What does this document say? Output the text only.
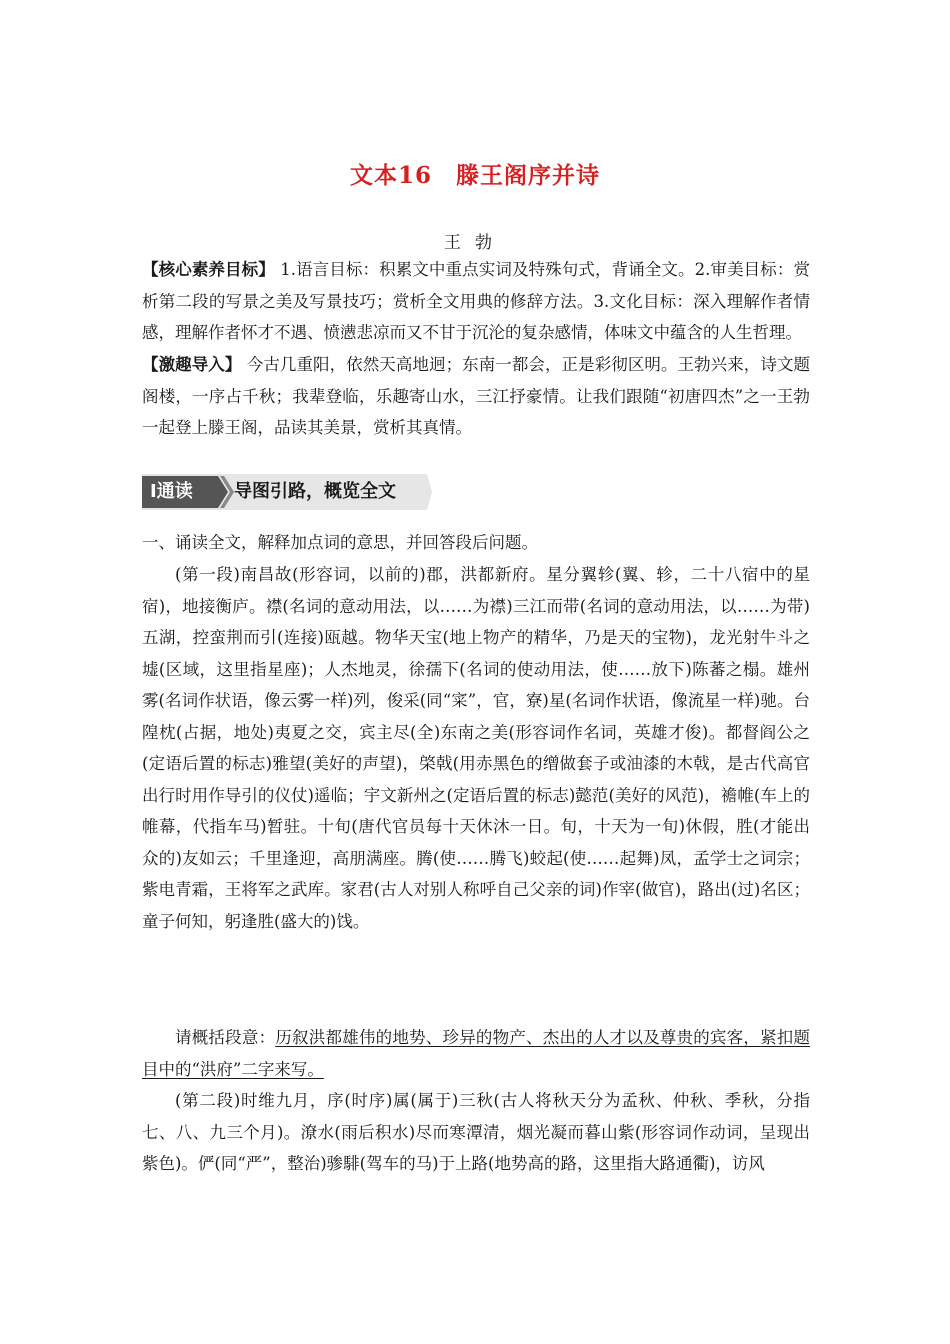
文本16　滕王阁序并诗
王勃
【核心素养目标】 1.语言目标：积累文中重点实词及特殊句式，背诵全文。2.审美目标：赏析第二段的写景之美及写景技巧；赏析全文用典的修辞方法。3.文化目标：深入理解作者情感，理解作者怀才不遇、愤懑悲凉而又不甘于沉沦的复杂感情，体味文中蕴含的人生哲理。
【激趣导入】 今古几重阳，依然天高地迥；东南一都会，正是彩彻区明。王勃兴来，诗文题阁楼，一序占千秋；我辈登临，乐趣寄山水，三江抒豪情。让我们跟随“初唐四杰”之一王勃一起登上滕王阁，品读其美景，赏析其真情。
Ⅰ通读	导图引路，概览全文
一、诵读全文，解释加点词的意思，并回答段后问题。
(第一段)南昌故(形容词，以前的)郡，洪都新府。星分翼轸(翼、轸，二十八宿中的星宿)，地接衡庐。襟(名词的意动用法，以……为襟)三江而带(名词的意动用法，以……为带)五湖，控蛮荆而引(连接)瓯越。物华天宝(地上物产的精华，乃是天的宝物)，龙光射牛斗之墟(区域，这里指星座)；人杰地灵，徐孺下(名词的使动用法，使……放下)陈蕃之榻。雄州雾(名词作状语，像云雾一样)列，俊采(同“寀”，官，寮)星(名词作状语，像流星一样)驰。台隍枕(占据，地处)夷夏之交，宾主尽(全)东南之美(形容词作名词，英雄才俊)。都督阎公之(定语后置的标志)雅望(美好的声望)，棨戟(用赤黑色的缯做套子或油漆的木戟，是古代高官出行时用作导引的仪仗)遥临；宇文新州之(定语后置的标志)懿范(美好的风范)，襜帷(车上的帷幕，代指车马)暂驻。十旬(唐代官员每十天休沐一日。旬，十天为一旬)休假，胜(才能出众的)友如云；千里逢迎，高朋满座。腾(使……腾飞)蛟起(使……起舞)凤，孟学士之词宗；紫电青霜，王将军之武库。家君(古人对别人称呼自己父亲的词)作宰(做官)，路出(过)名区；童子何知，躬逢胜(盛大的)饯。
请概括段意：历叙洪都雄伟的地势、珍异的物产、杰出的人才以及尊贵的宾客，紧扣题目中的“洪府”二字来写。
(第二段)时维九月，序(时序)属(属于)三秋(古人将秋天分为孟秋、仲秋、季秋，分指七、八、九三个月)。潦水(雨后积水)尽而寒潭清，烟光凝而暮山紫(形容词作动词，呈现出紫色)。俨(同“严”，整治)骖騑(驾车的马)于上路(地势高的路，这里指大路通衢)，访风
